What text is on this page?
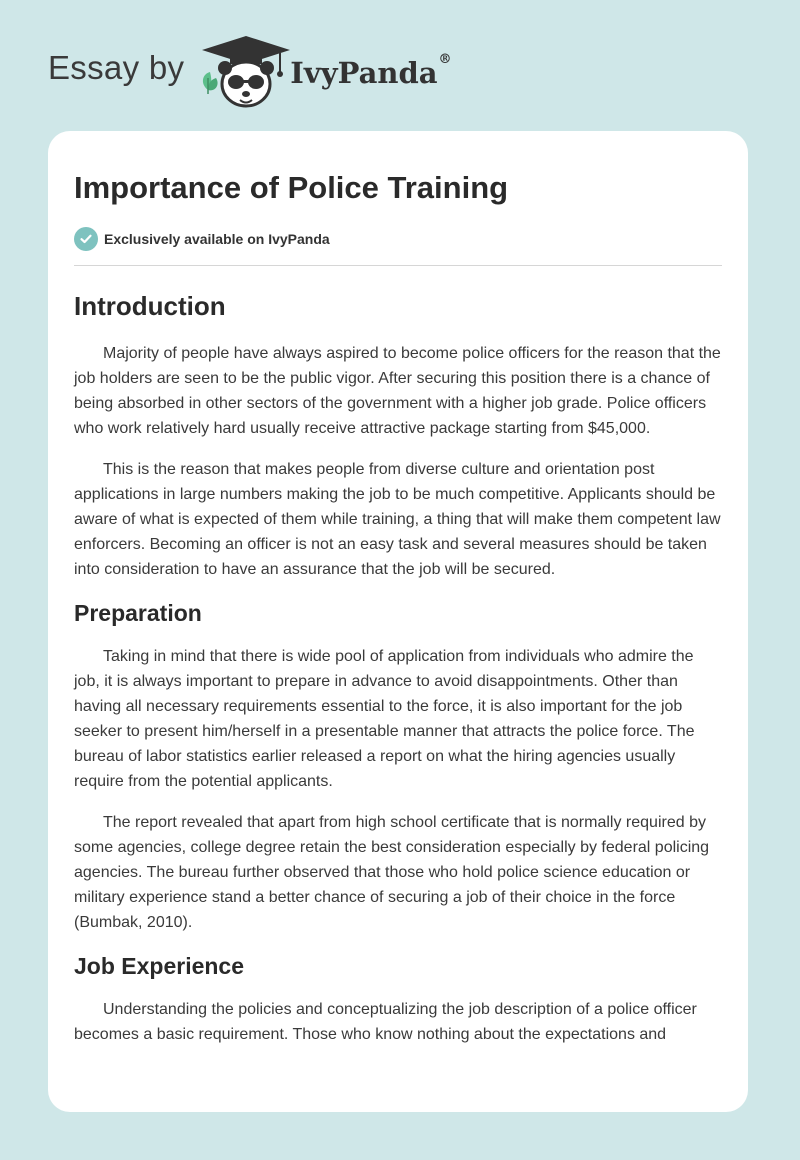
Essay by	IvyPanda®
Importance of Police Training
Exclusively available on IvyPanda
Introduction

Majority of people have always aspired to become police officers for the reason that the job holders are seen to be the public vigor. After securing this position there is a chance of being absorbed in other sectors of the government with a higher job grade. Police officers who work relatively hard usually receive attractive package starting from $45,000.

This is the reason that makes people from diverse culture and orientation post applications in large numbers making the job to be much competitive. Applicants should be aware of what is expected of them while training, a thing that will make them competent law enforcers. Becoming an officer is not an easy task and several measures should be taken into consideration to have an assurance that the job will be secured.

Preparation

Taking in mind that there is wide pool of application from individuals who admire the job, it is always important to prepare in advance to avoid disappointments. Other than having all necessary requirements essential to the force, it is also important for the job seeker to present him/herself in a presentable manner that attracts the police force. The bureau of labor statistics earlier released a report on what the hiring agencies usually require from the potential applicants.

The report revealed that apart from high school certificate that is normally required by some agencies, college degree retain the best consideration especially by federal policing agencies. The bureau further observed that those who hold police science education or military experience stand a better chance of securing a job of their choice in the force (Bumbak, 2010).

Job Experience

Understanding the policies and conceptualizing the job description of a police officer becomes a basic requirement. Those who know nothing about the expectations and
